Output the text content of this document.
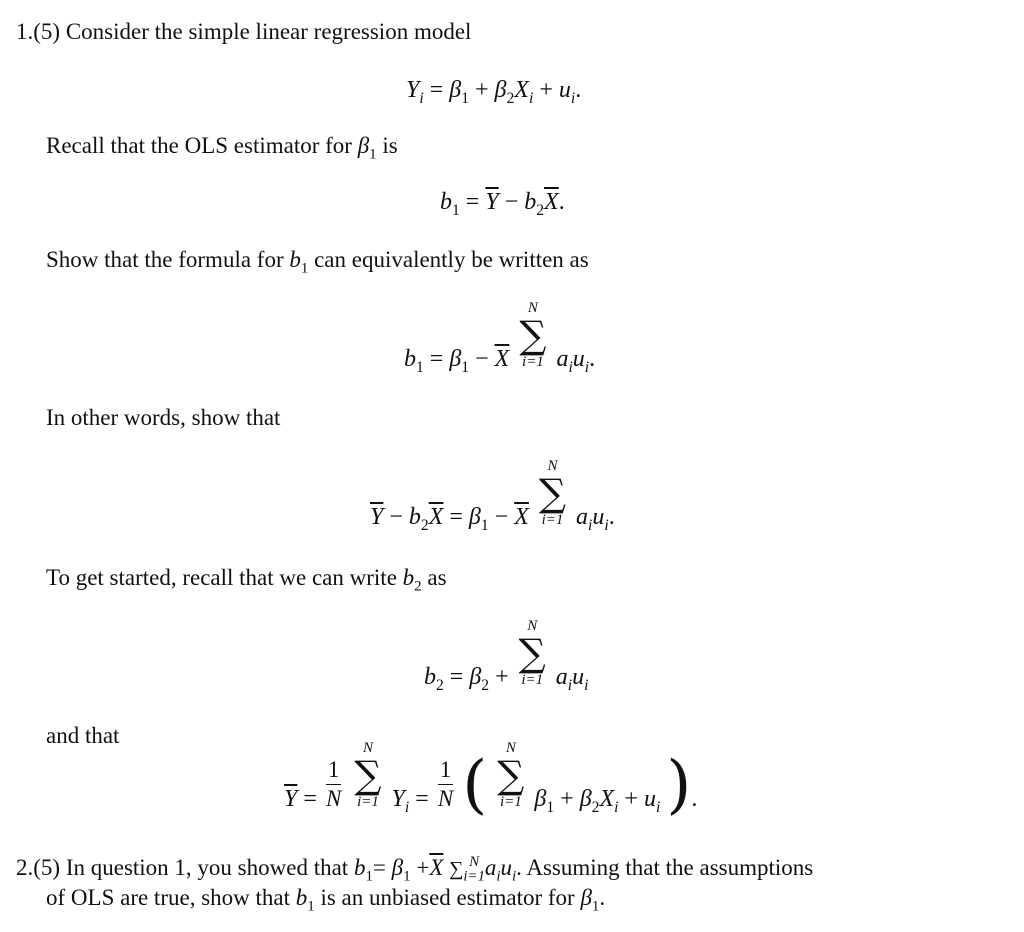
1.(5) Consider the simple linear regression model
$Y_i = \beta_1 + \beta_2X_i + u_i$.
Recall that the OLS estimator for $\beta_1$ is
$b_1 = \overline{Y} - b_2\overline{X}$.
Show that the formula for $b_1$ can equivalently be written as
$b_1 = \beta_1 - \overline{X}$
N
∑
i=1 $a_iu_i$.
In other words, show that
$\overline{Y} - b_2\overline{X} = \beta_1 - \overline{X}$
N
∑
i=1 $a_iu_i$.
To get started, recall that we can write $b_2$ as
$b_2 = \beta_2$ +
N
∑
i=1 $a_iu_i$
and that
$\overline{Y} = \frac{1}{N}$

N
∑
i=1 $Y_i = \frac{1}{N}$ (	N
∑
i=1 $\beta_1 + \beta_2X_i + u_i$ ).
2.(5) In question 1, you showed that $b_1= \beta_1 +\overline{X}$ $\sum_{i=1}^N$ $a_iu_i$. Assuming that the assumptions
of OLS are true, show that $b_1$ is an unbiased estimator for $\beta_1$.
